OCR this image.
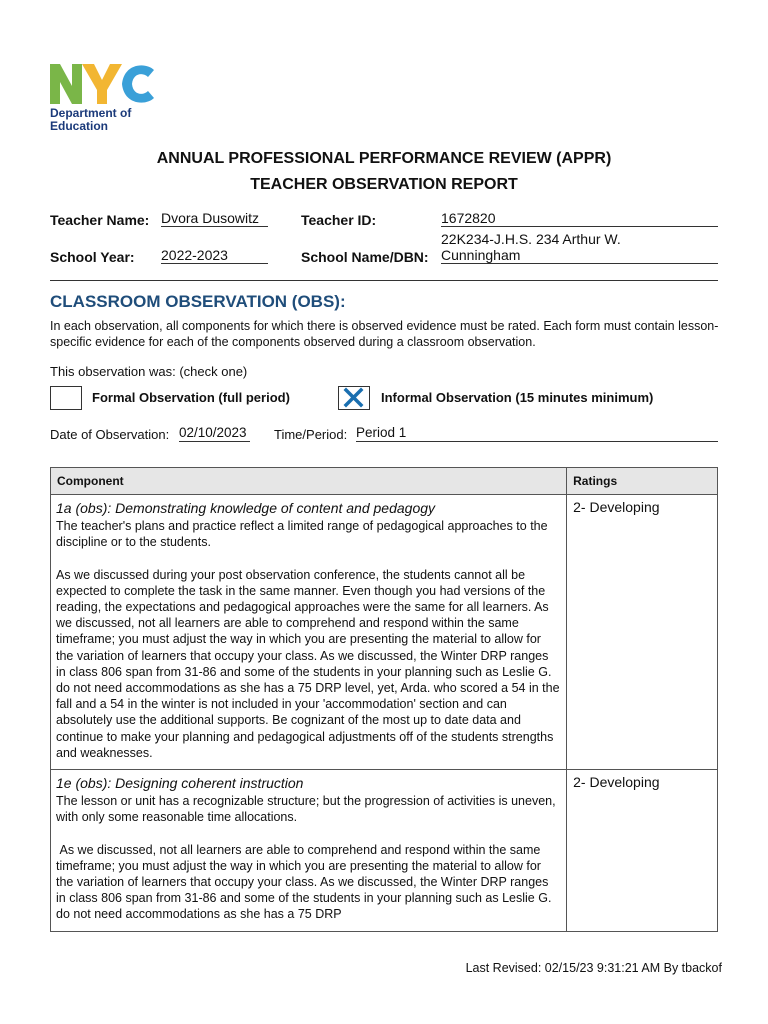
Department of
Education
ANNUAL PROFESSIONAL PERFORMANCE REVIEW (APPR)
TEACHER OBSERVATION REPORT
Teacher Name: Dvora Dusowitz	Teacher ID:	1672820
School Year: 2022-2023	School Name/DBN:
22K234-J.H.S. 234 Arthur W.
Cunningham
CLASSROOM OBSERVATION (OBS):
In each observation, all components for which there is observed evidence must be rated. Each form must contain lesson-specific evidence for each of the components observed during a classroom observation.
This observation was: (check one)
Formal Observation (full period)	Informal Observation (15 minutes minimum)
Date of Observation: 02/10/2023 Time/Period: Period 1
Component	Ratings

1a (obs): Demonstrating knowledge of content and pedagogy

The teacher's plans and practice reflect a limited range of pedagogical approaches to the discipline or to the students.

As we discussed during your post observation conference, the students cannot all be expected to complete the task in the same manner. Even though you had versions of the reading, the expectations and pedagogical approaches were the same for all learners. As we discussed, not all learners are able to comprehend and respond within the same timeframe; you must adjust the way in which you are presenting the material to allow for the variation of learners that occupy your class. As we discussed, the Winter DRP ranges in class 806 span from 31-86 and some of the students in your planning such as Leslie G. do not need accommodations as she has a 75 DRP level, yet, Arda. who scored a 54 in the fall and a 54 in the winter is not included in your 'accommodation' section and can absolutely use the additional supports. Be cognizant of the most up to date data and continue to make your planning and pedagogical adjustments off of the students strengths and weaknesses.	2- Developing

1e (obs): Designing coherent instruction

The lesson or unit has a recognizable structure; but the progression of activities is uneven, with only some reasonable time allocations.

As we discussed, not all learners are able to comprehend and respond within the same timeframe; you must adjust the way in which you are presenting the material to allow for the variation of learners that occupy your class. As we discussed, the Winter DRP ranges in class 806 span from 31-86 and some of the students in your planning such as Leslie G. do not need accommodations as she has a 75 DRP	2- Developing
Last Revised: 02/15/23 9:31:21 AM By tbackof
